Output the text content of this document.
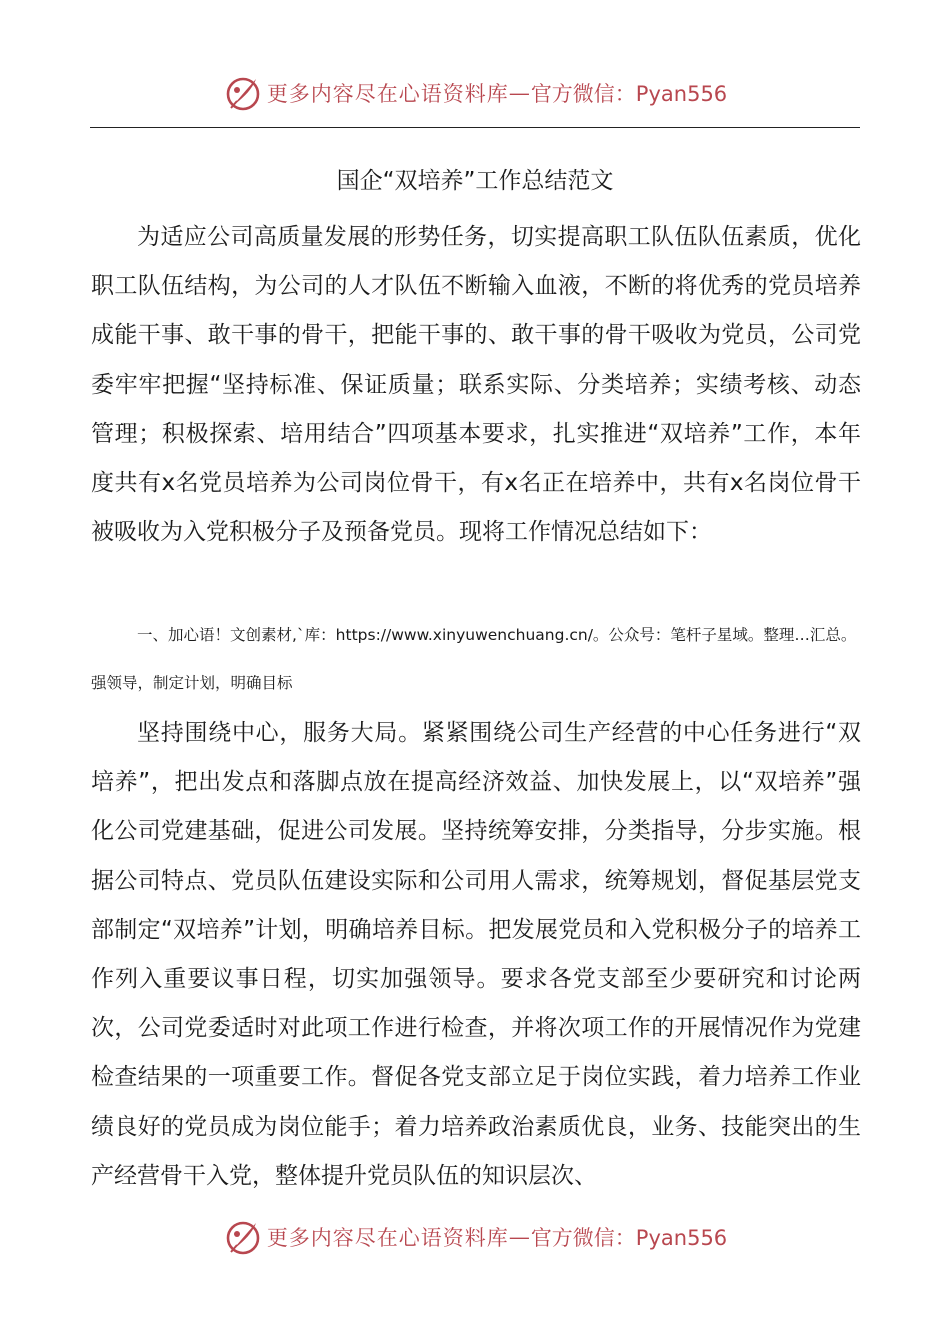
更多内容尽在心语资料库 — 官方微信：Pyan556
国企“双培养”工作总结范文

为适应公司高质量发展的形势任务，切实提高职工队伍队伍素质，优化职工队伍结构，为公司的人才队伍不断输入血液，不断的将优秀的党员培养成能干事、敢干事的骨干，把能干事的、敢干事的骨干吸收为党员，公司党委牢牢把握“坚持标准、保证质量；联系实际、分类培养；实绩考核、动态管理；积极探索、培用结合”四项基本要求，扎实推进“双培养”工作，本年度共有x名党员培养为公司岗位骨干，有x名正在培养中，共有x名岗位骨干被吸收为入党积极分子及预备党员。现将工作情况总结如下：

一、加心语！文创素材,`库：https://www.xinyuwenchuang.cn/。公众号：笔杆子星域。整理…汇总。强领导，制定计划，明确目标

坚持围绕中心，服务大局。紧紧围绕公司生产经营的中心任务进行“双培养”，把出发点和落脚点放在提高经济效益、加快发展上，以“双培养”强化公司党建基础，促进公司发展。坚持统筹安排，分类指导，分步实施。根据公司特点、党员队伍建设实际和公司用人需求，统筹规划，督促基层党支部制定“双培养”计划，明确培养目标。把发展党员和入党积极分子的培养工作列入重要议事日程，切实加强领导。要求各党支部至少要研究和讨论两次，公司党委适时对此项工作进行检查，并将次项工作的开展情况作为党建检查结果的一项重要工作。督促各党支部立足于岗位实践，着力培养工作业绩良好的党员成为岗位能手；着力培养政治素质优良，业务、技能突出的生产经营骨干入党，整体提升党员队伍的知识层次、

更多内容尽在心语资料库 — 官方微信：Pyan556
